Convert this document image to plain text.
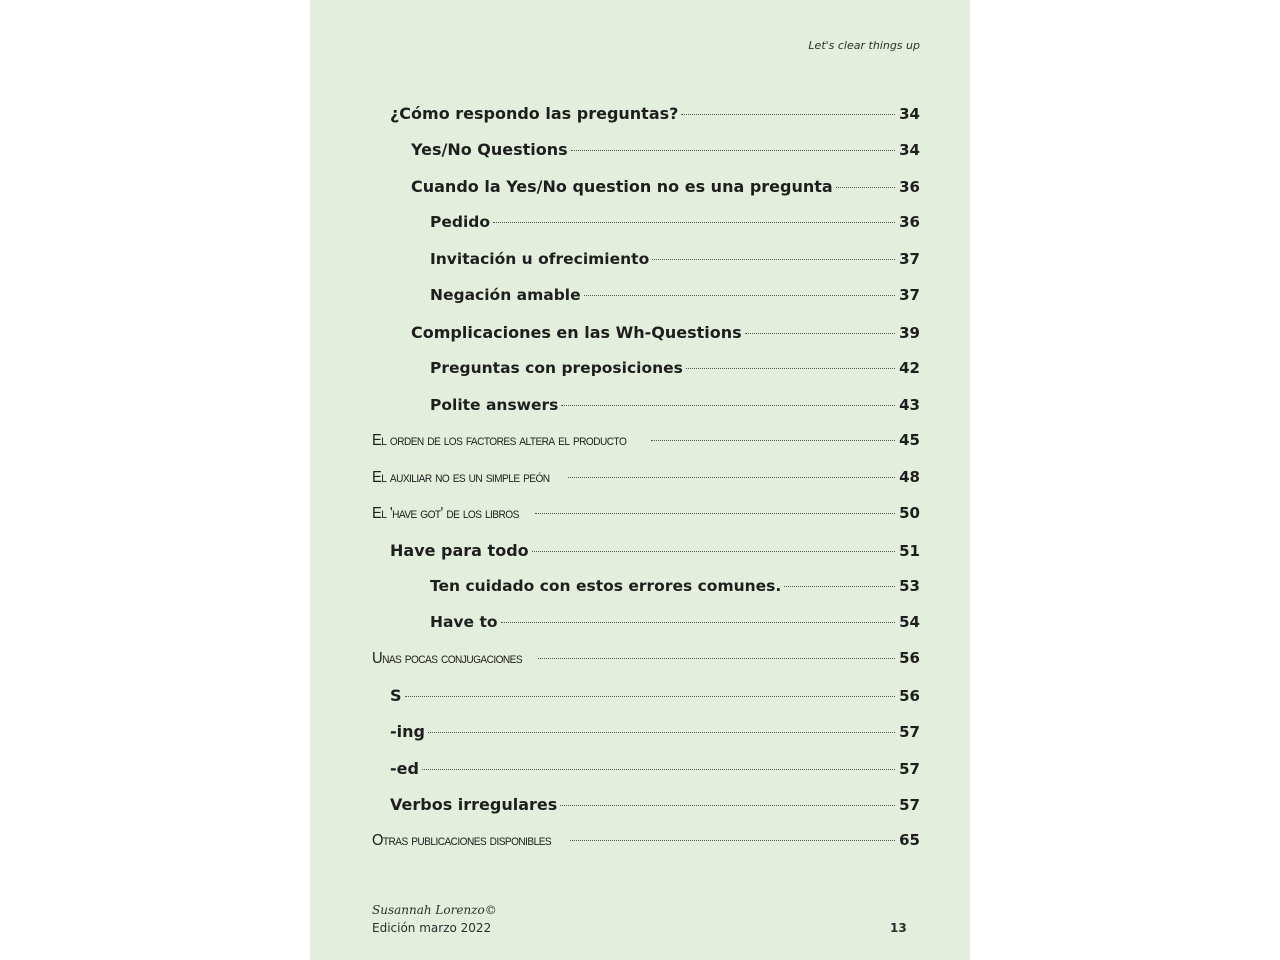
Let's clear things up
¿Cómo respondo las preguntas?	34
Yes/No Questions	34
Cuando la Yes/No question no es una pregunta	36
Pedido	36
Invitación u ofrecimiento	37
Negación amable	37
Complicaciones en las Wh-Questions	39
Preguntas con preposiciones	42
Polite answers	43
El orden de los factores altera el producto	45
El auxiliar no es un simple peón	48
El 'have got' de los libros	50
Have para todo	51
Ten cuidado con estos errores comunes.	53
Have to	54
Unas pocas conjugaciones	56
S	56
-ing	57
-ed	57
Verbos irregulares	57
Otras publicaciones disponibles	65
Susannah Lorenzo©
Edición marzo 2022	13
